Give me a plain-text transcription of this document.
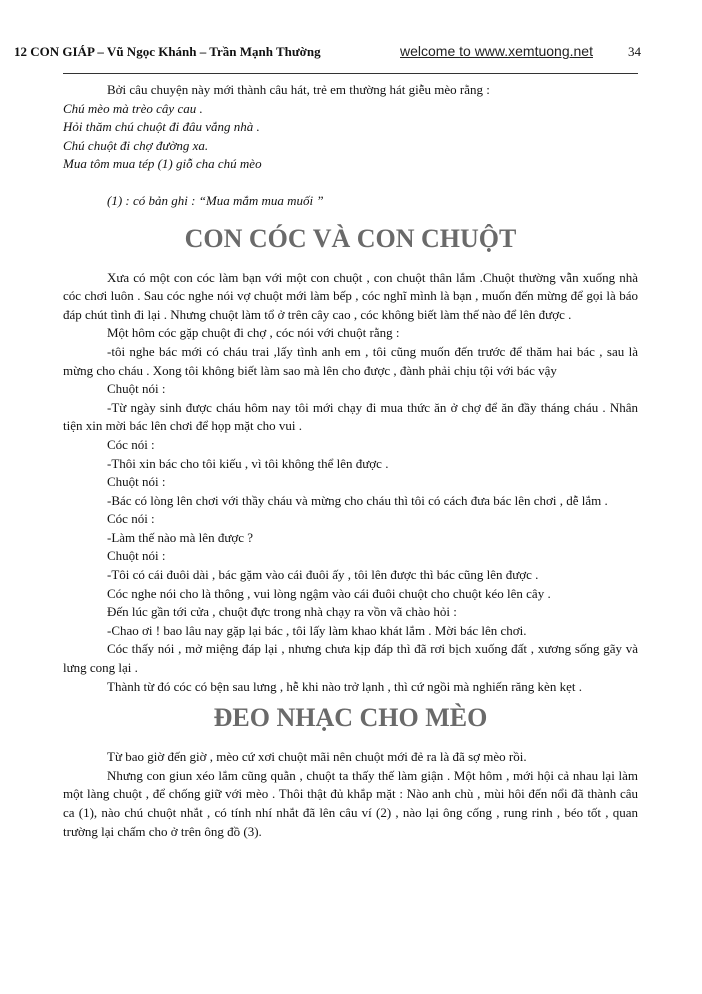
12 CON GIÁP – Vũ Ngọc Khánh – Trần Mạnh Thường	welcome to www.xemtuong.net	34

Bởi câu chuyện này mới thành câu hát, trẻ em thường hát giễu mèo rằng :

Chú mèo mà trèo cây cau .

Hỏi thăm chú chuột đi đâu vắng nhà .

Chú chuột đi chợ đường xa.

Mua tôm mua tép (1) giỗ cha chú mèo

(1) : có bản ghi : “Mua mắm mua muối ”

CON CÓC VÀ CON CHUỘT

Xưa có một con cóc làm bạn với một con chuột , con chuột thân lắm .Chuột thường vẫn xuống nhà cóc chơi luôn . Sau cóc nghe nói vợ chuột mới làm bếp , cóc nghĩ mình là bạn , muốn đến mừng để gọi là báo đáp chút tình đi lại . Nhưng chuột làm tổ ở trên cây cao , cóc không biết làm thế nào để lên được .

Một hôm cóc gặp chuột đi chợ , cóc nói với chuột rằng :

-tôi nghe bác mới có cháu trai ,lấy tình anh em , tôi cũng muốn đến trước để thăm hai bác , sau là mừng cho cháu . Xong tôi không biết làm sao mà lên cho được , đành phải chịu tội với bác vậy

Chuột nói :

-Từ ngày sinh được cháu hôm nay tôi mới chạy đi mua thức ăn ở chợ để ăn đầy tháng cháu . Nhân tiện xin mời bác lên chơi để họp mặt cho vui .

Cóc nói :

-Thôi xin bác cho tôi kiếu , vì tôi không thể lên được .

Chuột nói :

-Bác có lòng lên chơi với thầy cháu và mừng cho cháu thì tôi có cách đưa bác lên chơi , dễ lắm .

Cóc nói :

-Làm thế nào mà lên được ?

Chuột nói :

-Tôi có cái đuôi dài , bác gặm vào cái đuôi ấy , tôi lên được thì bác cũng lên được .

Cóc nghe nói cho là thông , vui lòng ngậm vào cái đuôi chuột cho chuột kéo lên cây .

Đến lúc gần tới cửa , chuột đực trong nhà chạy ra vồn vã chào hỏi :

-Chao ơi ! bao lâu nay gặp lại bác , tôi lấy làm khao khát lắm . Mời bác lên chơi.

Cóc thấy nói , mở miệng đáp lại , nhưng chưa kịp đáp thì đã rơi bịch xuống đất , xương sống gãy và lưng cong lại .

Thành từ đó cóc có bện sau lưng , hễ khi nào trở lạnh , thì cứ ngồi mà nghiến răng kèn kẹt .

ĐEO NHẠC CHO MÈO

Từ bao giờ đến giờ , mèo cứ xơi chuột mãi nên chuột mới đẻ ra là đã sợ mèo rồi.

Nhưng con giun xéo lắm cũng quằn , chuột ta thấy thế làm giận . Một hôm , mới hội cả nhau lại làm một làng chuột , để chống giữ với mèo . Thôi thật đủ khắp mặt : Nào anh chù , mùi hôi đến nổi đã thành câu ca (1), nào chú chuột nhắt , có tính nhí nhắt đã lên câu ví (2) , nào lại ông cống , rung rinh , béo tốt , quan trường lại chấm cho ở trên ông đồ (3).
